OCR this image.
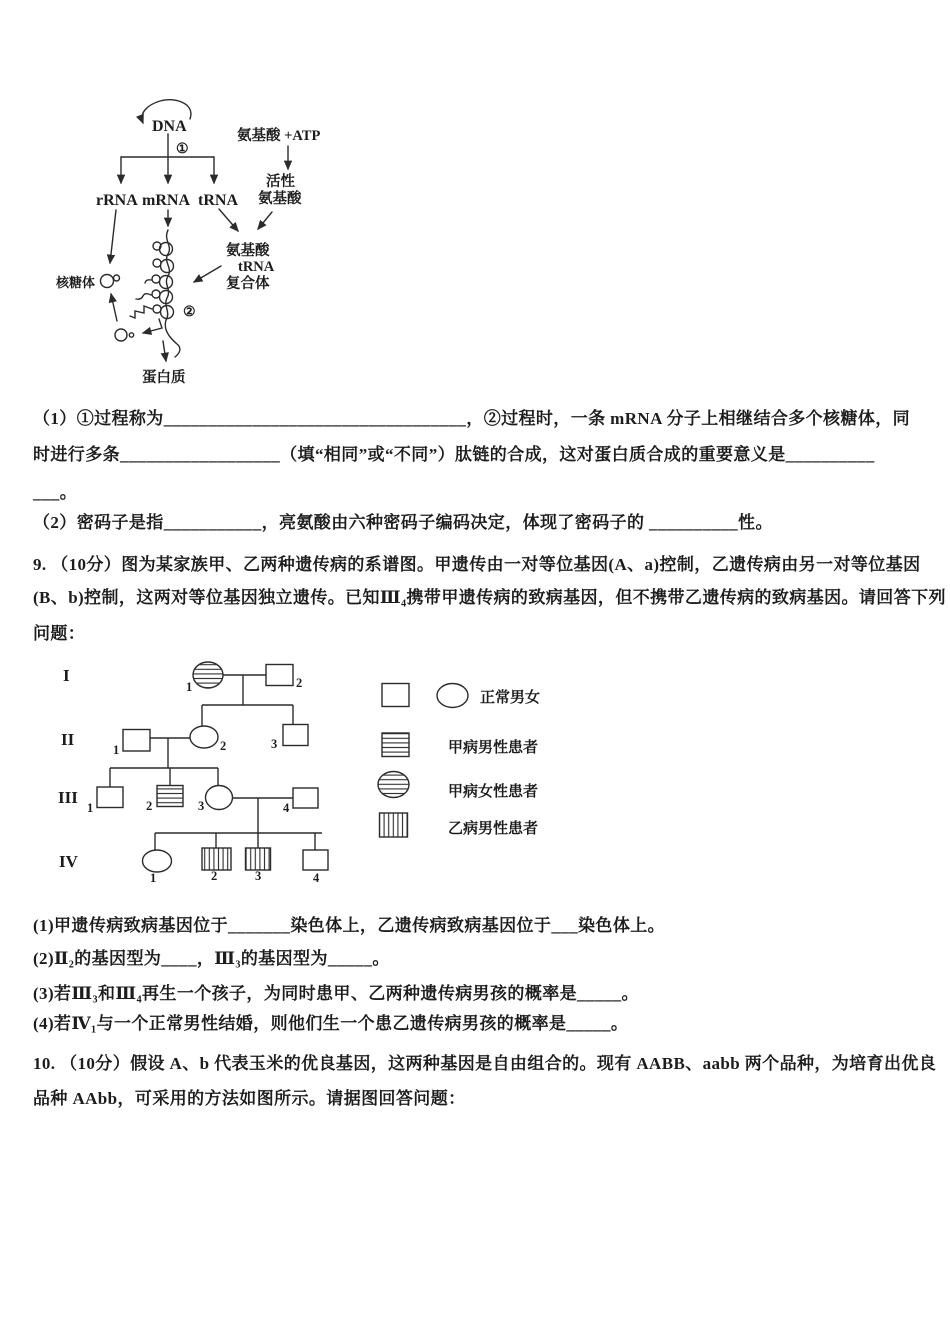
DNA
①
rRNA mRNA tRNA
氨基酸 +ATP
活性
氨基酸
氨基酸
tRNA
复合体
核糖体
②
蛋白质
（1）①过程称为__________________________________，②过程时，一条 mRNA 分子上相继结合多个核糖体，同
时进行多条__________________（填“相同”或“不同”）肽链的合成，这对蛋白质合成的重要意义是__________
___。
（2）密码子是指___________，亮氨酸由六种密码子编码决定，体现了密码子的 __________性。
9. （10分）图为某家族甲、乙两种遗传病的系谱图。甲遗传由一对等位基因(A、a)控制，乙遗传病由另一对等位基因
(B、b)控制，这两对等位基因独立遗传。已知Ⅲ₄携带甲遗传病的致病基因，但不携带乙遗传病的致病基因。请回答下列
问题：
I
II
III
IV
1	2
1	2	3
1	2	3	4
1	2	3	4
正常男女
甲病男性患者
甲病女性患者
乙病男性患者
(1)甲遗传病致病基因位于_______染色体上，乙遗传病致病基因位于___染色体上。
(2)Ⅱ₂的基因型为____，Ⅲ₃的基因型为_____。
(3)若Ⅲ₃和Ⅲ₄再生一个孩子，为同时患甲、乙两种遗传病男孩的概率是_____。
(4)若Ⅳ₁与一个正常男性结婚，则他们生一个患乙遗传病男孩的概率是_____。
10. （10分）假设 A、b 代表玉米的优良基因，这两种基因是自由组合的。现有 AABB、aabb 两个品种，为培育出优良
品种 AAbb，可采用的方法如图所示。请据图回答问题：
